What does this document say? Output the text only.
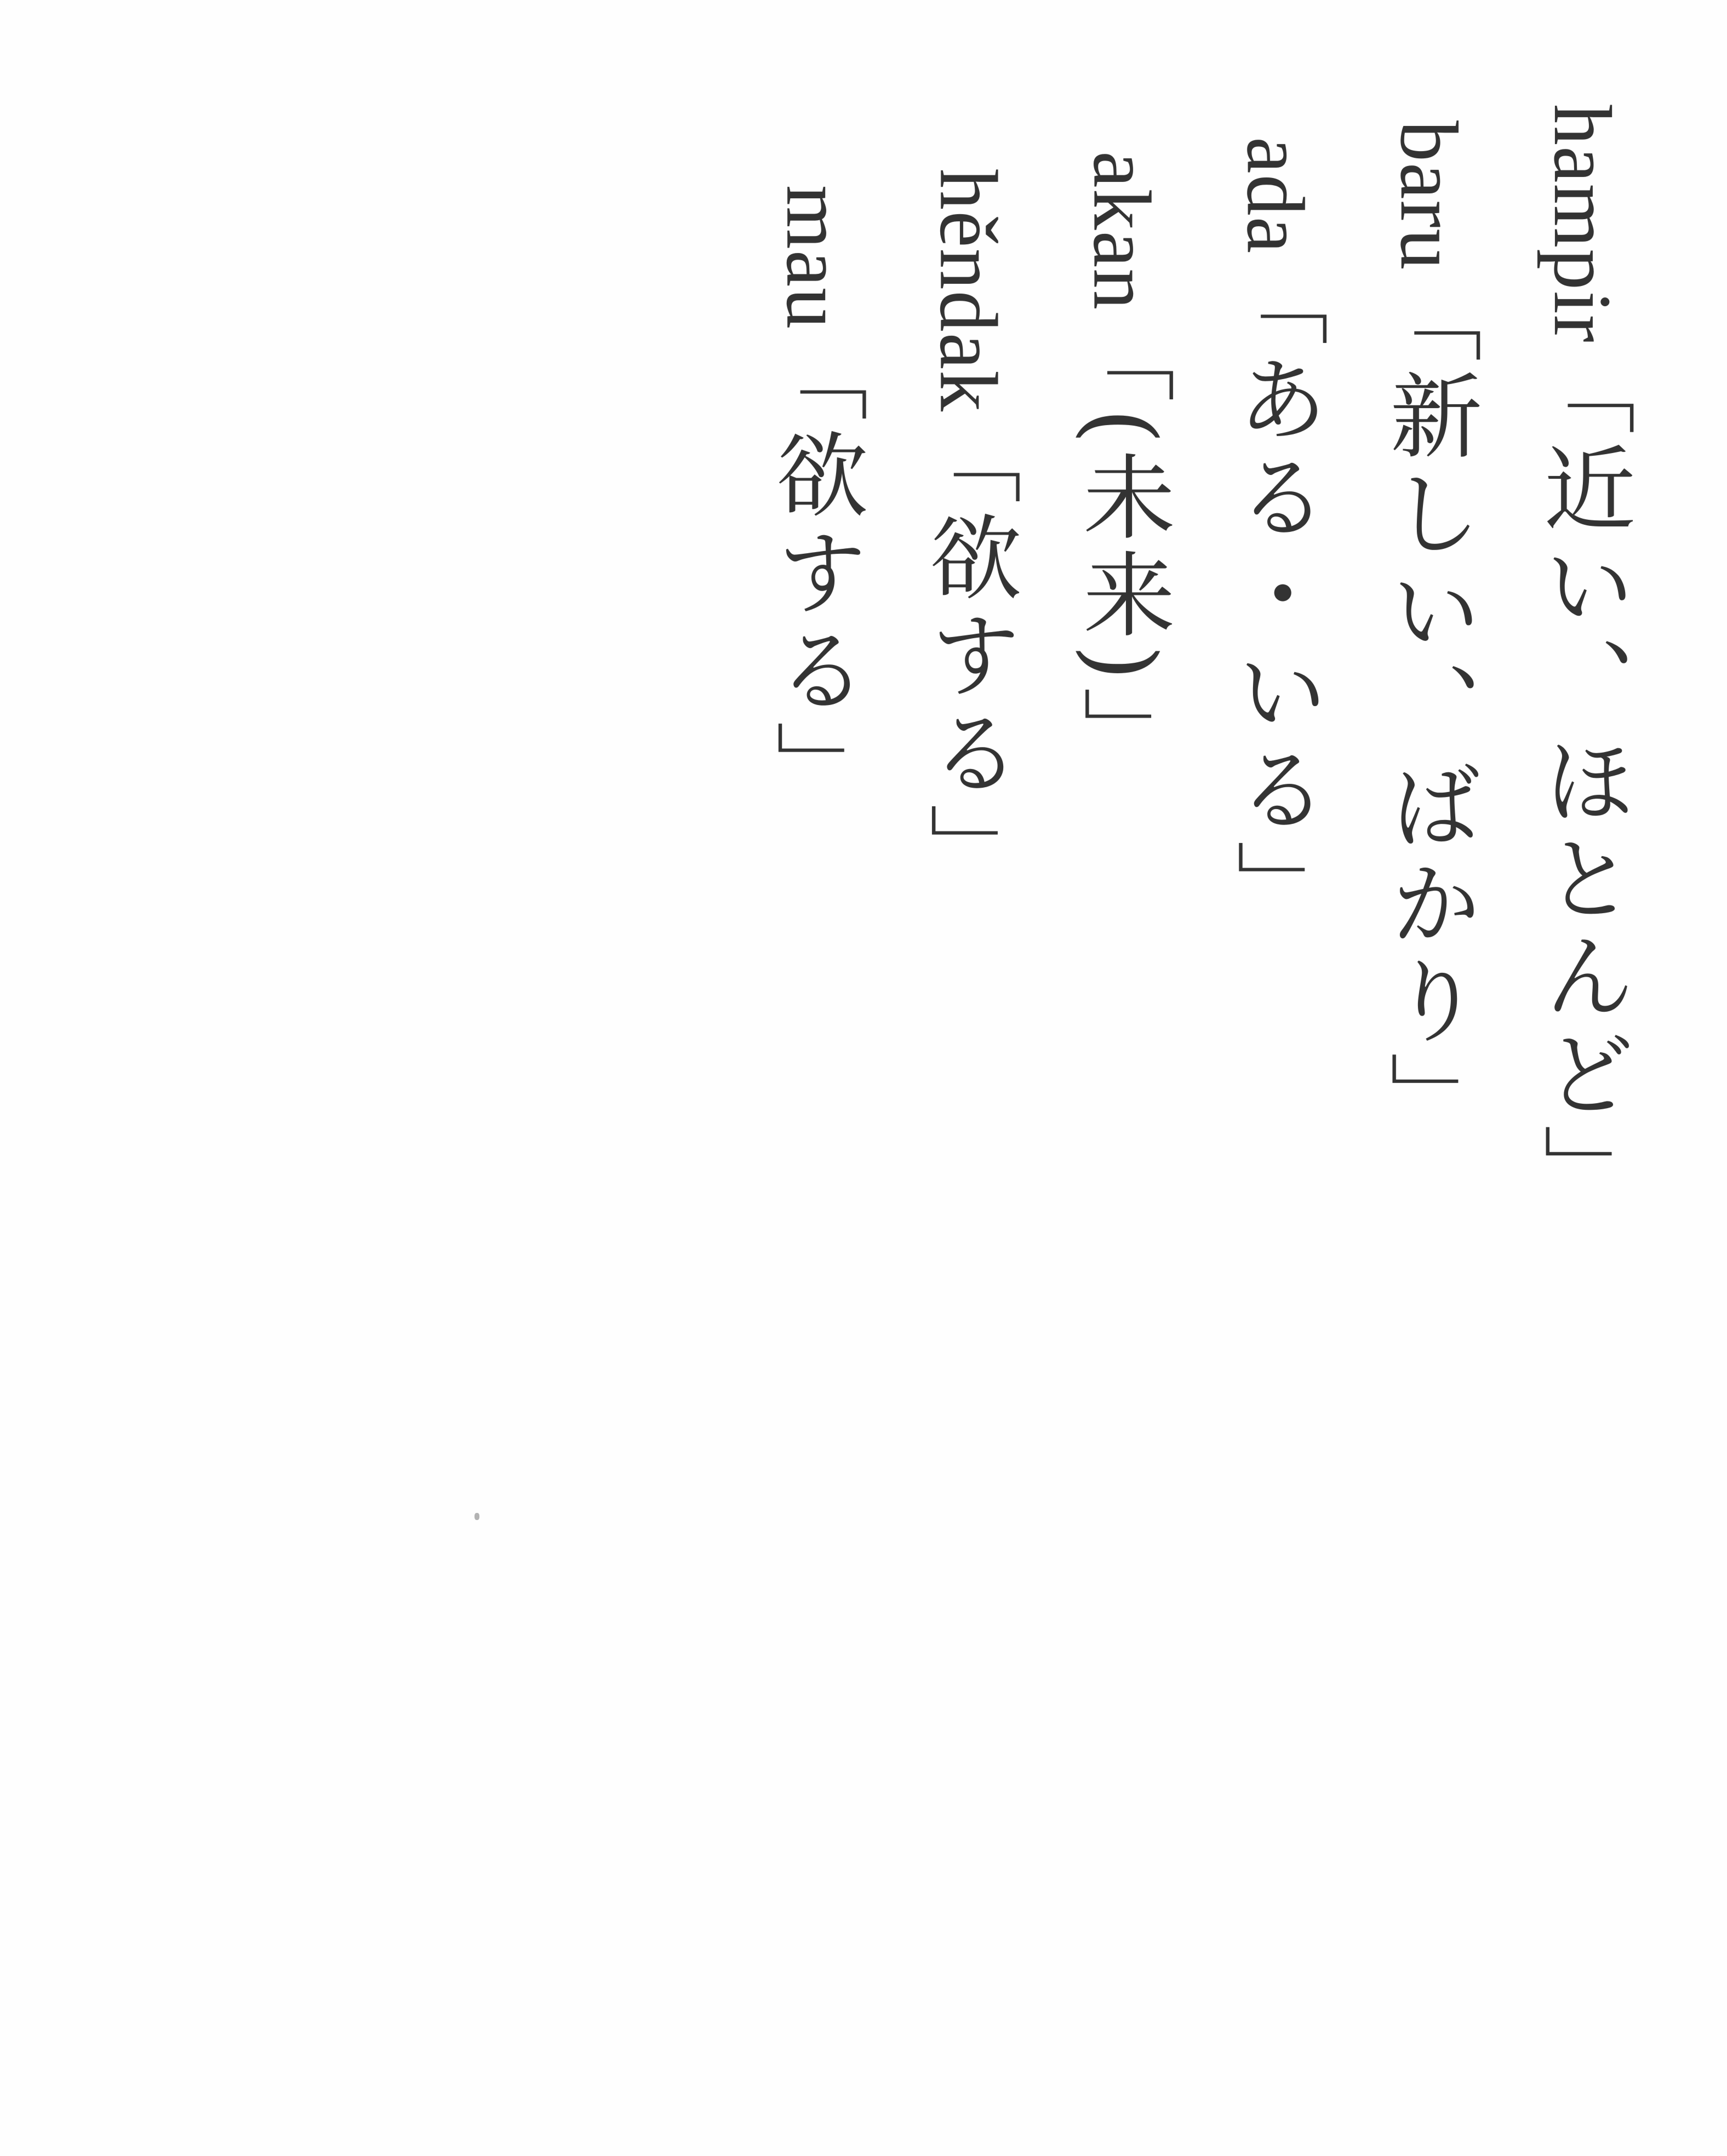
hampir「近い、ほとんど」
baru「新しい、ばかり」
ada「ある・いる」
akan「(未来)」
hěndak「欲する」
mau「欲する」
